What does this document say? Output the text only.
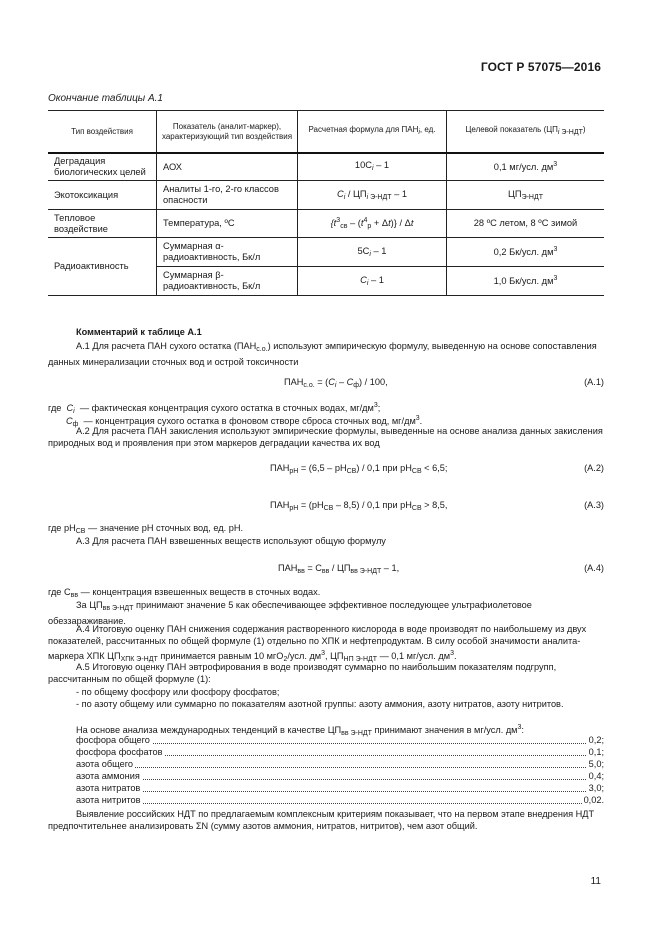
ГОСТ Р 57075—2016
Окончание таблицы А.1
Тип воздействия	Показатель (аналит-маркер), характеризующий тип воздействия	Расчетная формула для $ПАН_i$, ед.	Целевой показатель $(ЦП_{i Э-НДТ})$
Деградация биологических целей	АОХ	$10C_i - 1$	0,1 мг/усл. $дм^3$
Экотоксикация	Аналиты 1-го, 2-го классов опасности	$C_i / ЦП_{i Э-НДТ} - 1$	$ЦП_{Э-НДТ}$
Тепловое воздействие	Температура, ºС	$\{t^3_{св} - (t^4_р + \Delta t)\} / \Delta t$	28 ºС летом, 8 ºС зимой
Радиоактивность	Суммарная α-радиоактивность, Бк/л	$5C_i - 1$	0,2 Бк/усл. $дм^3$
	Суммарная β-радиоактивность, Бк/л	$C_i - 1$	1,0 Бк/усл. $дм^3$
Комментарий к таблице А.1
А.1 Для расчета ПАН сухого остатка $(ПАН_{с.о.})$ используют эмпирическую формулу, выведенную на основе сопоставления данных минерализации сточных вод и острой токсичности
$ПАН_{с.о.} = (C_i - C_ф) / 100$,	(А.1)
где  $C_i$ — фактическая концентрация сухого остатка в сточных водах, $мг/дм^3$;
$C_ф$ — концентрация сухого остатка в фоновом створе сброса сточных вод, $мг/дм^3$.
А.2 Для расчета ПАН закисления используют эмпирические формулы, выведенные на основе анализа данных закисления природных вод и проявления при этом маркеров деградации качества их вод
$ПАН_{pH} = (6,5 - pH_{СВ}) / 0,1$ при $pH_{СВ} < 6,5$;	(А.2)
$ПАН_{pH} = (pH_{СВ} - 8,5) / 0,1$ при $pH_{СВ} > 8,5$,	(А.3)
где $pH_{СВ}$ — значение pH сточных вод, ед. pH.
А.3 Для расчета ПАН взвешенных веществ используют общую формулу
$ПАН_{вв} = C_{вв} / ЦП_{вв Э-НДТ} - 1$,	(А.4)
где $C_{вв}$ — концентрация взвешенных веществ в сточных водах.
За $ЦП_{вв Э-НДТ}$ принимают значение 5 как обеспечивающее эффективное последующее ультрафиолетовое обеззараживание.
А.4 Итоговую оценку ПАН снижения содержания растворенного кислорода в воде производят по наибольшему из двух показателей, рассчитанных по общей формуле (1) отдельно по ХПК и нефтепродуктам. В силу особой значимости аналита-маркера ХПК $ЦП_{ХПК Э-НДТ}$ принимается равным 10 мгО$_2$/усл. $дм^3$, $ЦП_{НП Э-НДТ}$ — 0,1 мг/усл. $дм^3$.
А.5 Итоговую оценку ПАН эвтрофирования в воде производят суммарно по наибольшим показателям подгрупп, рассчитанным по общей формуле (1):
- по общему фосфору или фосфору фосфатов;
- по азоту общему или суммарно по показателям азотной группы: азоту аммония, азоту нитратов, азоту нитритов.
На основе анализа международных тенденций в качестве $ЦП_{вв Э-НДТ}$ принимают значения в мг/усл. $дм^3$:
фосфора общего	0,2;
фосфора фосфатов	0,1;
азота общего	5,0;
азота аммония	0,4;
азота нитратов	3,0;
азота нитритов	0,02.
Выявление российских НДТ по предлагаемым комплексным критериям показывает, что на первом этапе внедрения НДТ предпочтительнее анализировать ΣN (сумму азотов аммония, нитратов, нитритов), чем азот общий.
11
